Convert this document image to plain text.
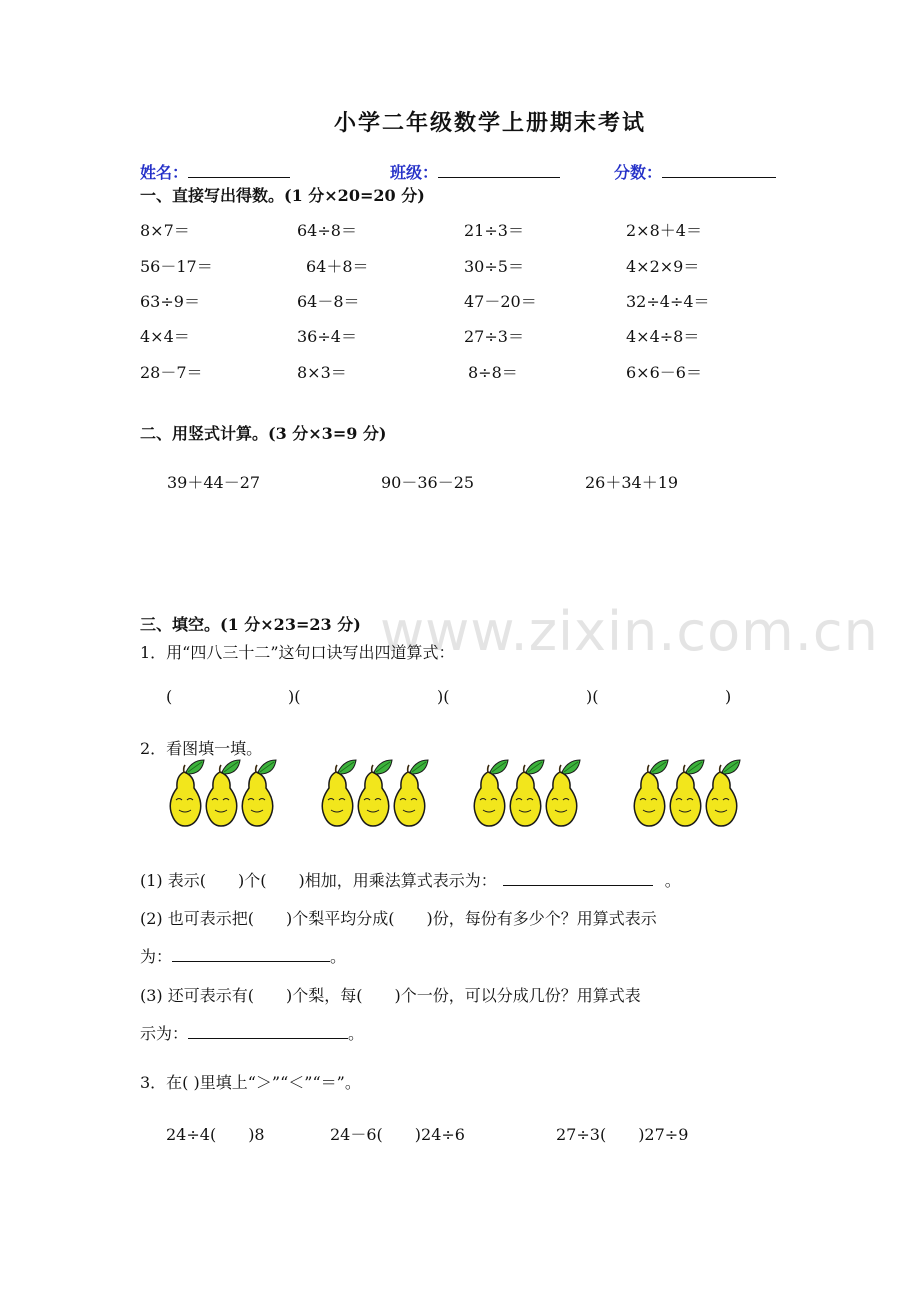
小学二年级数学上册期末考试
姓名：	班级：	分数：
一、直接写出得数。(1 分×20=20 分)
8×7＝	64÷8＝	21÷3＝	2×8＋4＝
56－17＝	64＋8＝	30÷5＝	4×2×9＝
63÷9＝	64－8＝	47－20＝	32÷4÷4＝
4×4＝	36÷4＝	27÷3＝	4×4÷8＝
28－7＝	8×3＝	8÷8＝	6×6－6＝
二、用竖式计算。(3 分×3=9 分)
39＋44－27	90－36－25	26＋34＋19
www.zixin.com.cn
三、填空。(1 分×23=23 分)
1．用“四八三十二”这句口诀写出四道算式：
(	)(	)(	)(	)
2．看图填一填。
(1) 表示(　　)个(　　)相加，用乘法算式表示为：	。
(2) 也可表示把(　　)个梨平均分成(　　)份，每份有多少个？用算式表示
为：	。
(3) 还可表示有(　　)个梨，每(　　)个一份，可以分成几份？用算式表
示为：	。
3．在( )里填上“＞”“＜”“＝”。
24÷4(　　)8	24－6(　　)24÷6	27÷3(　　)27÷9
